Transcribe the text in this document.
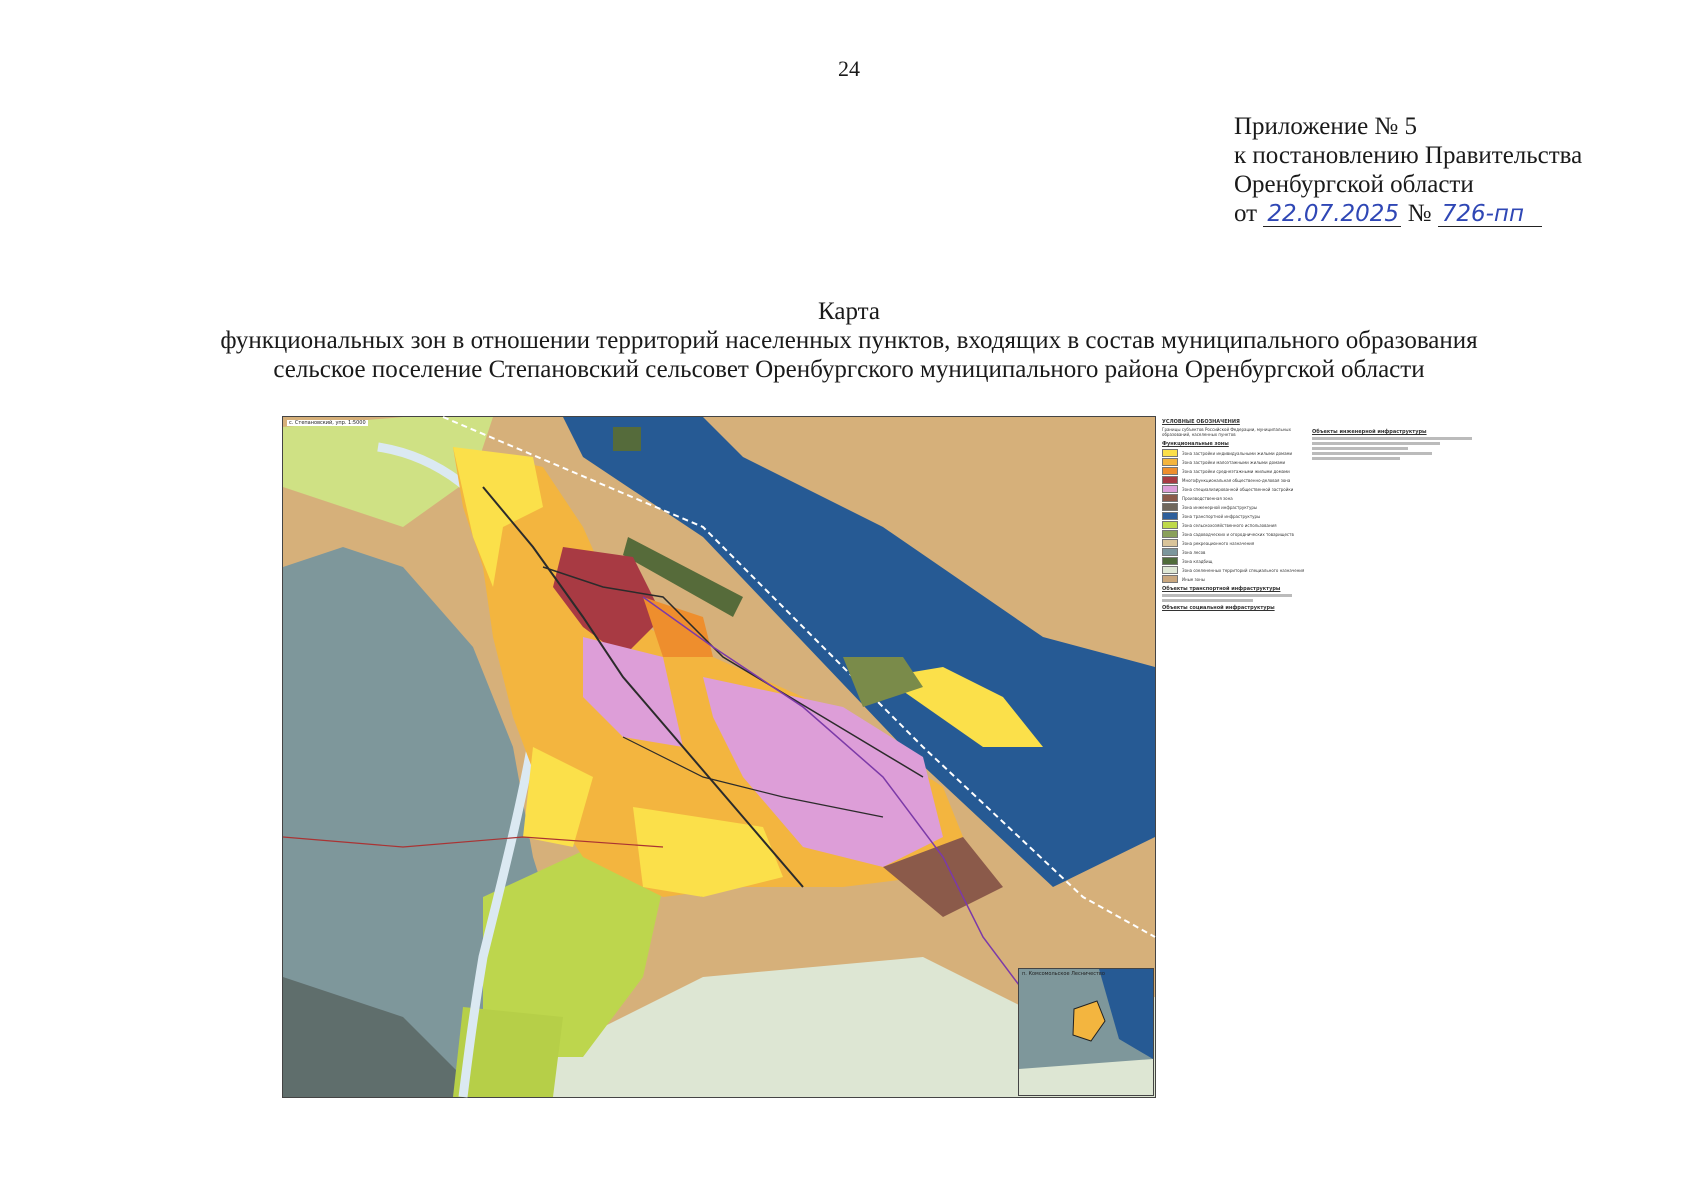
24
Приложение № 5
к постановлению Правительства
Оренбургской области
от 22.07.2025 № 726-пп
Карта
функциональных зон в отношении территорий населенных пунктов, входящих в состав муниципального образования
сельское поселение Степановский сельсовет Оренбургского муниципального района Оренбургской области
с. Степановский, упр. 1:5000
п. Комсомольское Лесничество
УСЛОВНЫЕ ОБОЗНАЧЕНИЯ
Границы субъектов Российской Федерации, муниципальных образований, населенных пунктов
Функциональные зоны
Зона застройки индивидуальными жилыми домами
Зона застройки малоэтажными жилыми домами
Зона застройки среднеэтажными жилыми домами
Многофункциональная общественно-деловая зона
Зона специализированной общественной застройки
Производственная зона
Зона инженерной инфраструктуры
Зона транспортной инфраструктуры
Зона сельскохозяйственного использования
Зона садоводческих и огороднических товариществ
Зона рекреационного назначения
Зона лесов
Зона кладбищ
Зона озелененных территорий специального назначения
Иные зоны
Объекты транспортной инфраструктуры
Объекты социальной инфраструктуры
Объекты инженерной инфраструктуры
